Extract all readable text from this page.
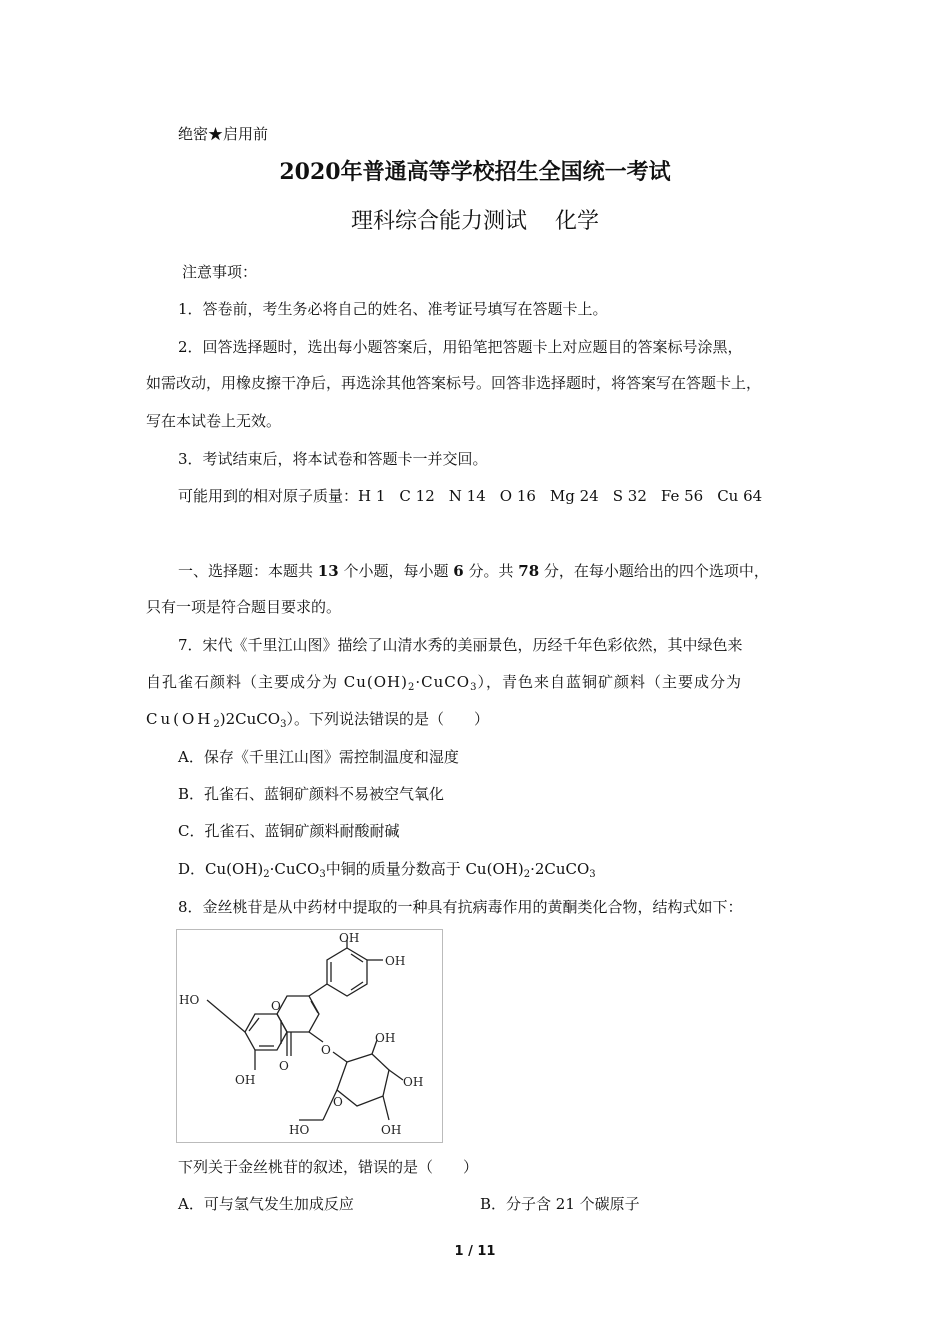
绝密★启用前
2020年普通高等学校招生全国统一考试
理科综合能力测试 化学
注意事项：
1．答卷前，考生务必将自己的姓名、准考证号填写在答题卡上。
2．回答选择题时，选出每小题答案后，用铅笔把答题卡上对应题目的答案标号涂黑，
如需改动，用橡皮擦干净后，再选涂其他答案标号。回答非选择题时，将答案写在答题卡上，
写在本试卷上无效。
3．考试结束后，将本试卷和答题卡一并交回。
可能用到的相对原子质量：H 1 C 12 N 14 O 16 Mg 24 S 32 Fe 56 Cu 64
一、选择题：本题共 13 个小题，每小题 6 分。共 78 分，在每小题给出的四个选项中，
只有一项是符合题目要求的。
7．宋代《千里江山图》描绘了山清水秀的美丽景色，历经千年色彩依然，其中绿色来
自孔雀石颜料（主要成分为 $Cu(OH)_2\cdot CuCO_3$），青色来自蓝铜矿颜料（主要成分为
$Cu(OH_2)2CuCO_3$）。下列说法错误的是（　　）
A．保存《千里江山图》需控制温度和湿度
B．孔雀石、蓝铜矿颜料不易被空气氧化
C．孔雀石、蓝铜矿颜料耐酸耐碱
D．$Cu(OH)_2\cdot CuCO_3$中铜的质量分数高于 $Cu(OH)_2\cdot 2CuCO_3$
8．金丝桃苷是从中药材中提取的一种具有抗病毒作用的黄酮类化合物，结构式如下：
OH
OH
HO	O
OH
O
O
OH
OH
OH
HO
O
下列关于金丝桃苷的叙述，错误的是（　　）
A．可与氢气发生加成反应	B．分子含 21 个碳原子
1 / 11
